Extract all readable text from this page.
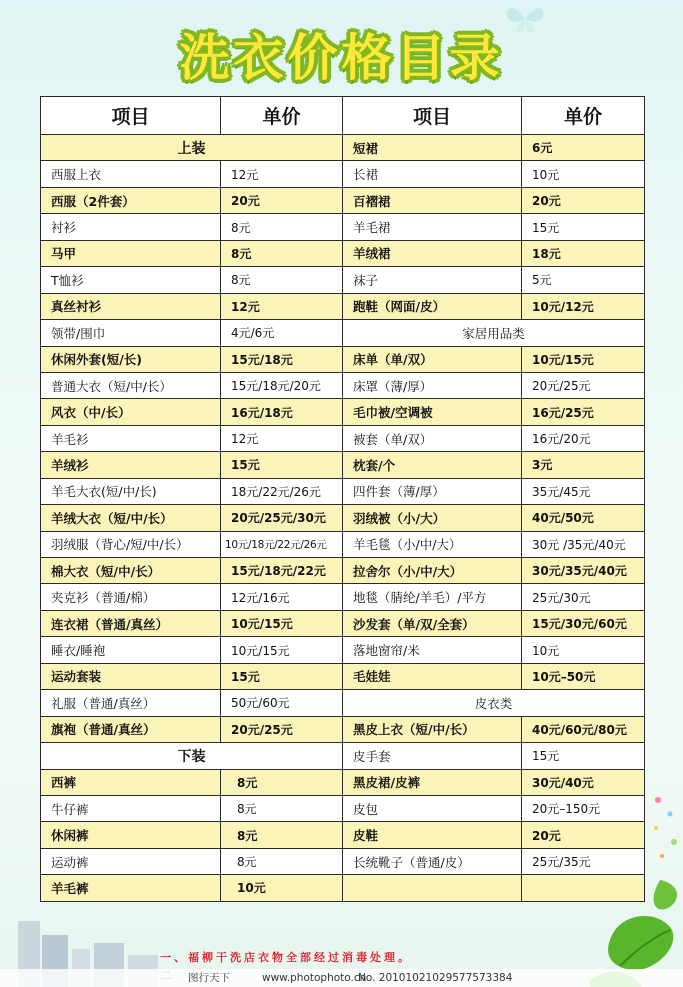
洗衣价格目录
项目	单价	项目	单价
上装		短裙	6元
西服上衣	12元	长裙	10元
西服（2件套）	20元	百褶裙	20元
衬衫	8元	羊毛裙	15元
马甲	8元	羊绒裙	18元
T恤衫	8元	袜子	5元
真丝衬衫	12元	跑鞋（网面/皮）	10元/12元
领带/围巾	4元/6元	家居用品类	
休闲外套(短/长)	15元/18元	床单（单/双）	10元/15元
普通大衣（短/中/长）	15元/18元/20元	床罩（薄/厚）	20元/25元
风衣（中/长）	16元/18元	毛巾被/空调被	16元/25元
羊毛衫	12元	被套（单/双）	16元/20元
羊绒衫	15元	枕套/个	3元
羊毛大衣(短/中/长)	18元/22元/26元	四件套（薄/厚）	35元/45元
羊绒大衣（短/中/长）	20元/25元/30元	羽绒被（小/大）	40元/50元
羽绒服（背心/短/中/长）	10元/18元/22元/26元	羊毛毯（小/中/大）	30元 /35元/40元
棉大衣（短/中/长）	15元/18元/22元	拉舍尔（小/中/大）	30元/35元/40元
夹克衫（普通/棉）	12元/16元	地毯（腈纶/羊毛）/平方	25元/30元
连衣裙（普通/真丝）	10元/15元	沙发套（单/双/全套）	15元/30元/60元
睡衣/睡袍	10元/15元	落地窗帘/米	10元
运动套装	15元	毛娃娃	10元–50元
礼服（普通/真丝）	50元/60元	皮衣类	
旗袍（普通/真丝）	20元/25元	黑皮上衣（短/中/长）	40元/60元/80元
下装		皮手套	15元
西裤	8元	黑皮裙/皮裤	30元/40元
牛仔裤	8元	皮包	20元–150元
休闲裤	8元	皮鞋	20元
运动裤	8元	长统靴子（普通/皮）	25元/35元
羊毛裤	10元		
一、福柳干洗店衣物全部经过消毒处理。
图行天下	www.photophoto.cn
No. 20101021029577573384
